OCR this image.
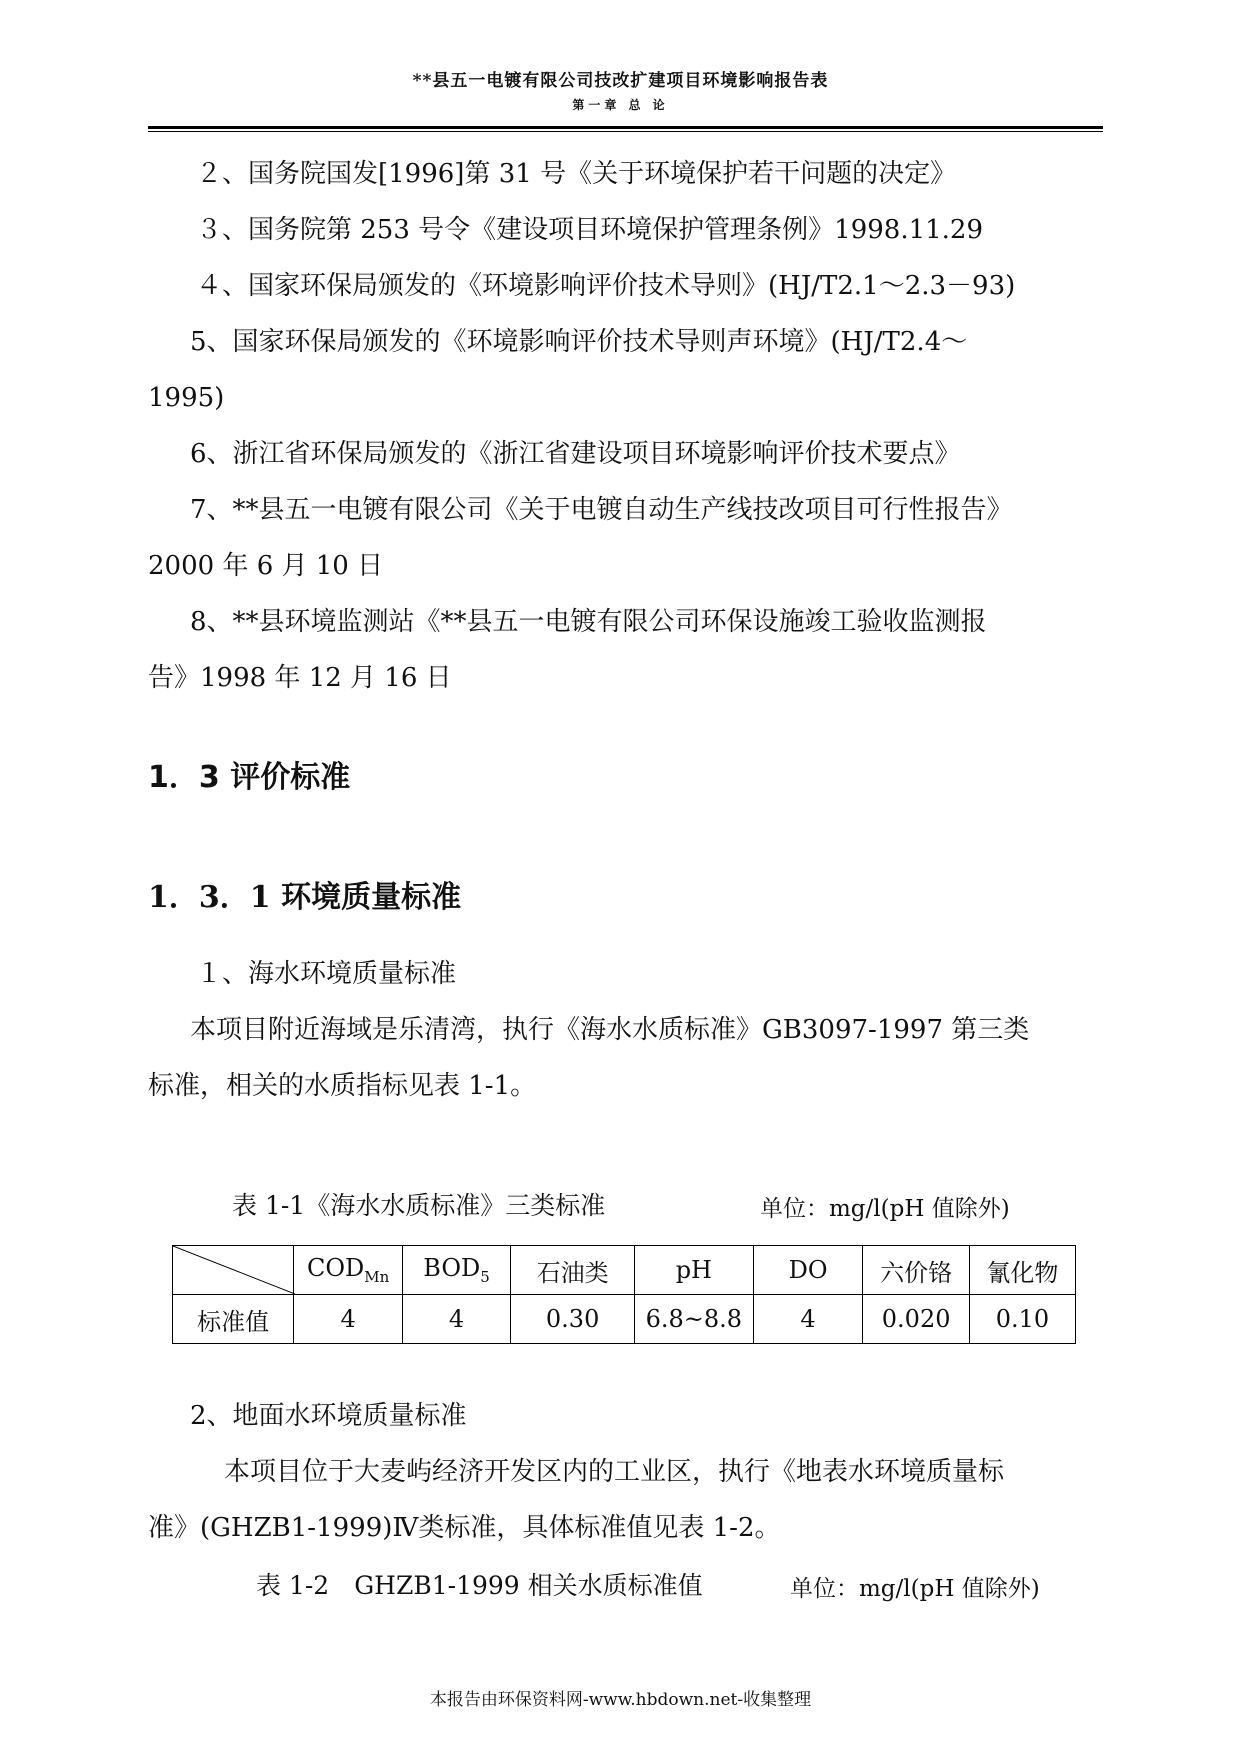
**县五一电镀有限公司技改扩建项目环境影响报告表
第一章 总 论
２、国务院国发[1996]第 31 号《关于环境保护若干问题的决定》
３、国务院第 253 号令《建设项目环境保护管理条例》1998.11.29
４、国家环保局颁发的《环境影响评价技术导则》(HJ/T2.1～2.3－93)
5、国家环保局颁发的《环境影响评价技术导则声环境》(HJ/T2.4～
1995)
6、浙江省环保局颁发的《浙江省建设项目环境影响评价技术要点》
7、**县五一电镀有限公司《关于电镀自动生产线技改项目可行性报告》
2000 年 6 月 10 日
8、**县环境监测站《**县五一电镀有限公司环保设施竣工验收监测报
告》1998 年 12 月 16 日
1．3 评价标准
1．3．1 环境质量标准
１、海水环境质量标准
本项目附近海域是乐清湾，执行《海水水质标准》GB3097-1997 第三类
标准，相关的水质指标见表 1-1。
表 1-1《海水水质标准》三类标准	单位：mg/l(pH 值除外)
	$COD_{Mn}$	$BOD_5$	石油类	pH	DO	六价铬	氰化物
标准值	4	4	0.30	6.8~8.8	4	0.020	0.10
2、地面水环境质量标准
本项目位于大麦屿经济开发区内的工业区，执行《地表水环境质量标
准》(GHZB1-1999)Ⅳ类标准，具体标准值见表 1-2。
表 1-2　GHZB1-1999 相关水质标准值	单位：mg/l(pH 值除外)
本报告由环保资料网-www.hbdown.net-收集整理
